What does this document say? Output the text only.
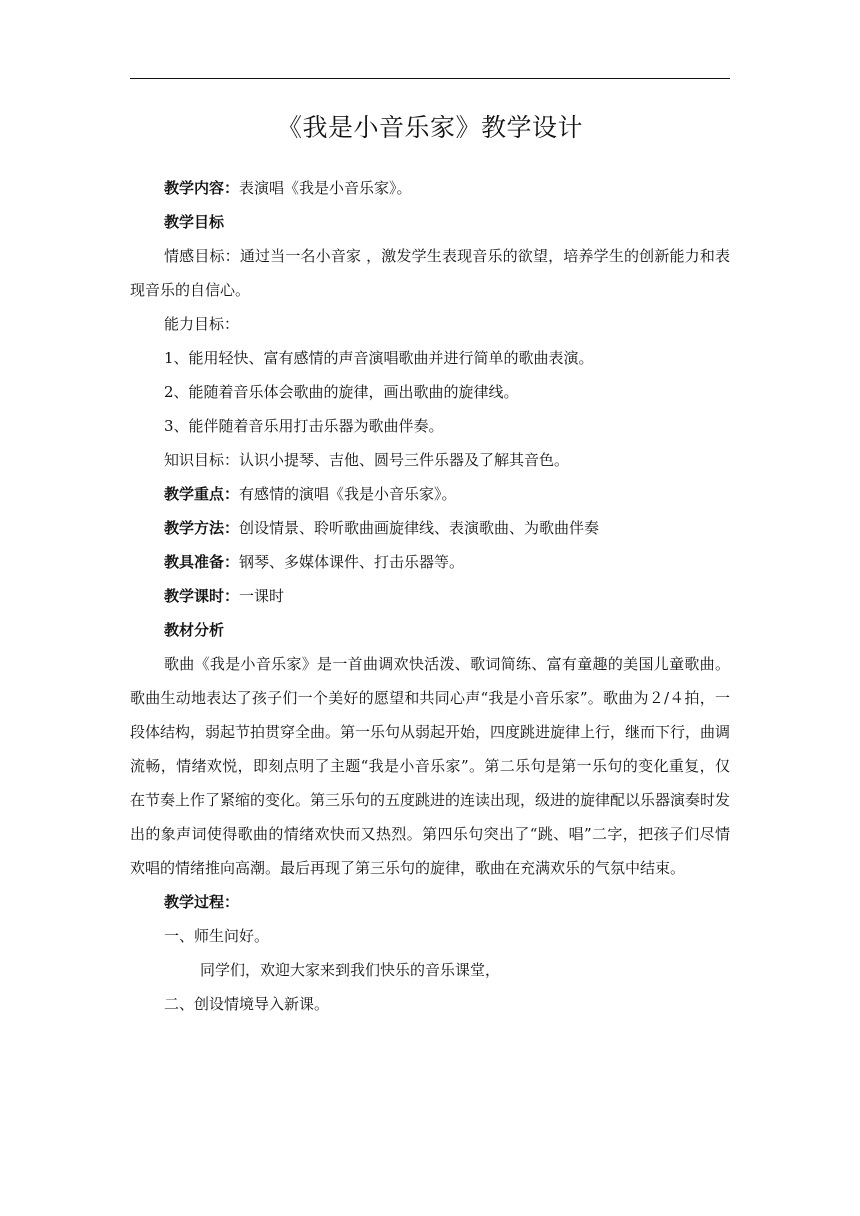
《我是小音乐家》教学设计

教学内容：表演唱《我是小音乐家》。

教学目标

情感目标：通过当一名小音家 ，激发学生表现音乐的欲望，培养学生的创新能力和表现音乐的自信心。

能力目标：

1、能用轻快、富有感情的声音演唱歌曲并进行简单的歌曲表演。

2、能随着音乐体会歌曲的旋律，画出歌曲的旋律线。

3、能伴随着音乐用打击乐器为歌曲伴奏。

知识目标：认识小提琴、吉他、圆号三件乐器及了解其音色。

教学重点：有感情的演唱《我是小音乐家》。

教学方法：创设情景、聆听歌曲画旋律线、表演歌曲、为歌曲伴奏

教具准备：钢琴、多媒体课件、打击乐器等。

教学课时：一课时

教材分析

歌曲《我是小音乐家》是一首曲调欢快活泼、歌词简练、富有童趣的美国儿童歌曲。歌曲生动地表达了孩子们一个美好的愿望和共同心声“我是小音乐家”。歌曲为２/４拍，一段体结构，弱起节拍贯穿全曲。第一乐句从弱起开始，四度跳进旋律上行，继而下行，曲调流畅，情绪欢悦，即刻点明了主题“我是小音乐家”。第二乐句是第一乐句的变化重复，仅在节奏上作了紧缩的变化。第三乐句的五度跳进的连读出现，级进的旋律配以乐器演奏时发出的象声词使得歌曲的情绪欢快而又热烈。第四乐句突出了“跳、唱”二字，把孩子们尽情欢唱的情绪推向高潮。最后再现了第三乐句的旋律，歌曲在充满欢乐的气氛中结束。

教学过程：

一、师生问好。

同学们，欢迎大家来到我们快乐的音乐课堂，

二、创设情境导入新课。
